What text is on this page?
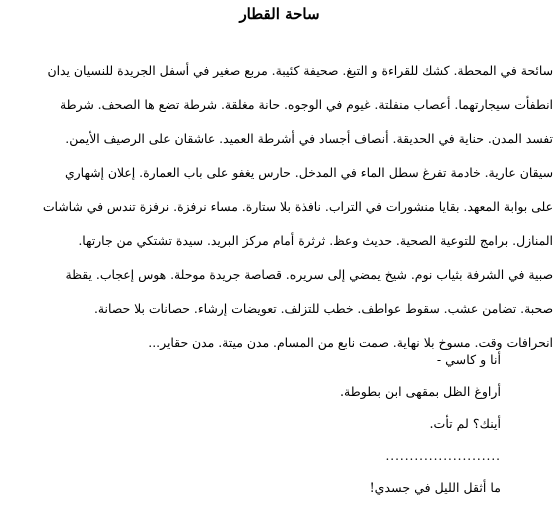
ساحة القطار
سائحة في المحطة. كشك للقراءة و التبغ. صحيفة كئيبة. مربع صغير في أسفل الجريدة للنسيان يدان
انطفأت سيجارتهما. أعصاب منفلتة. غيوم في الوجوه. حانة مغلقة. شرطة تضع ها الصحف. شرطة
تفسد المدن. حناية في الحديقة. أنصاف أجساد في أشرطة العميد. عاشقان على الرصيف الأيمن.
سيقان عارية. خادمة تفرغ سطل الماء في المدخل. حارس يغفو على باب العمارة. إعلان إشهاري
على بوابة المعهد. بقايا منشورات في التراب. نافذة بلا ستارة. مساء نرفزة. نرفزة تندس في شاشات
المنازل. برامج للتوعية الصحية. حديث وعظ. ثرثرة أمام مركز البريد. سيدة تشتكي من جارتها.
صبية في الشرفة بثياب نوم. شيخ يمضي إلى سريره. قصاصة جريدة موحلة. هوس إعجاب. يقظة
صحبة. تضامن عشب. سقوط عواطف. خطب للتزلف. تعويضات إرشاء. حصانات بلا حصانة.
انحرافات وقت. مسوخ بلا نهاية. صمت نابع من المسام. مدن ميتة. مدن حقاير...
أنا و كاسي -
أراوغ الظل بمقهى ابن بطوطة.
أينك؟ لم تأت.
........................
ما أثقل الليل في جسدي!
